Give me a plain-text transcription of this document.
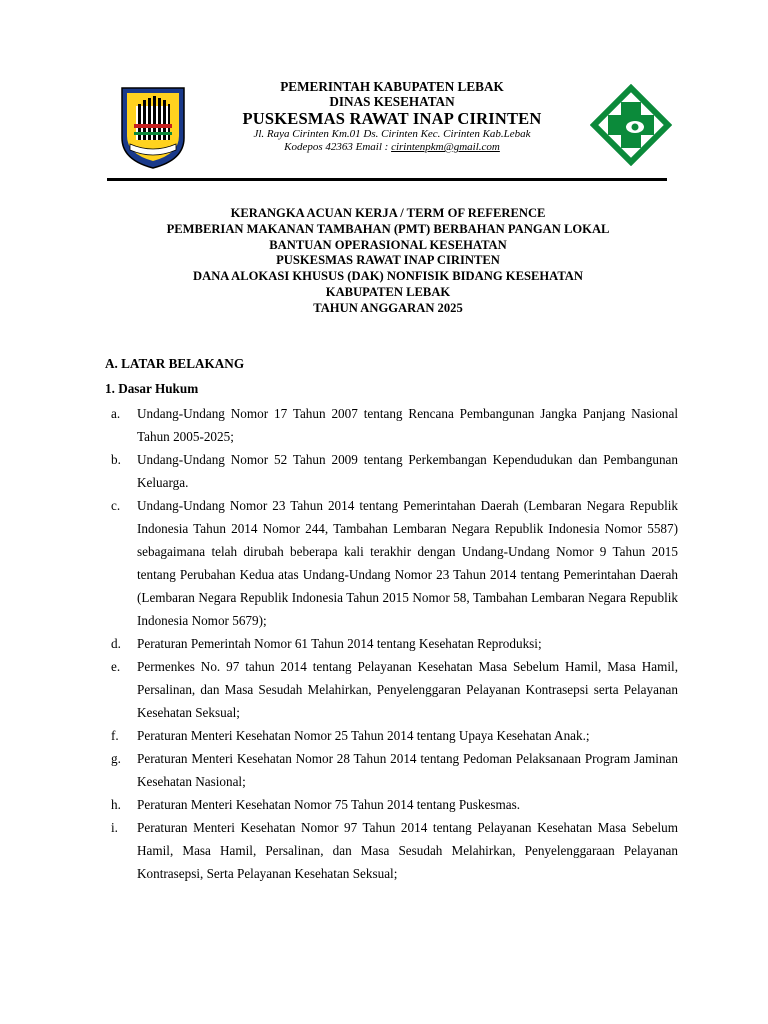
PEMERINTAH KABUPATEN LEBAK
DINAS KESEHATAN
PUSKESMAS RAWAT INAP CIRINTEN
Jl. Raya Cirinten Km.01 Ds. Cirinten Kec. Cirinten Kab.Lebak
Kodepos 42363 Email : cirintenpkm@gmail.com
KERANGKA ACUAN KERJA / TERM OF REFERENCE
PEMBERIAN MAKANAN TAMBAHAN (PMT) BERBAHAN PANGAN LOKAL
BANTUAN OPERASIONAL KESEHATAN
PUSKESMAS RAWAT INAP CIRINTEN
DANA ALOKASI KHUSUS (DAK) NONFISIK BIDANG KESEHATAN
KABUPATEN LEBAK
TAHUN ANGGARAN 2025
A. LATAR BELAKANG
1. Dasar Hukum
a. Undang-Undang Nomor 17 Tahun 2007 tentang Rencana Pembangunan Jangka Panjang Nasional Tahun 2005-2025;
b. Undang-Undang Nomor 52 Tahun 2009 tentang Perkembangan Kependudukan dan Pembangunan Keluarga.
c. Undang-Undang Nomor 23 Tahun 2014 tentang Pemerintahan Daerah (Lembaran Negara Republik Indonesia Tahun 2014 Nomor 244, Tambahan Lembaran Negara Republik Indonesia Nomor 5587) sebagaimana telah dirubah beberapa kali terakhir dengan Undang-Undang Nomor 9 Tahun 2015 tentang Perubahan Kedua atas Undang-Undang Nomor 23 Tahun 2014 tentang Pemerintahan Daerah (Lembaran Negara Republik Indonesia Tahun 2015 Nomor 58, Tambahan Lembaran Negara Republik Indonesia Nomor 5679);
d. Peraturan Pemerintah Nomor 61 Tahun 2014 tentang Kesehatan Reproduksi;
e. Permenkes No. 97 tahun 2014 tentang Pelayanan Kesehatan Masa Sebelum Hamil, Masa Hamil, Persalinan, dan Masa Sesudah Melahirkan, Penyelenggaran Pelayanan Kontrasepsi serta Pelayanan Kesehatan Seksual;
f. Peraturan Menteri Kesehatan Nomor 25 Tahun 2014 tentang Upaya Kesehatan Anak.;
g. Peraturan Menteri Kesehatan Nomor 28 Tahun 2014 tentang Pedoman Pelaksanaan Program Jaminan Kesehatan Nasional;
h. Peraturan Menteri Kesehatan Nomor 75 Tahun 2014 tentang Puskesmas.
i. Peraturan Menteri Kesehatan Nomor 97 Tahun 2014 tentang Pelayanan Kesehatan Masa Sebelum Hamil, Masa Hamil, Persalinan, dan Masa Sesudah Melahirkan, Penyelenggaraan Pelayanan Kontrasepsi, Serta Pelayanan Kesehatan Seksual;
